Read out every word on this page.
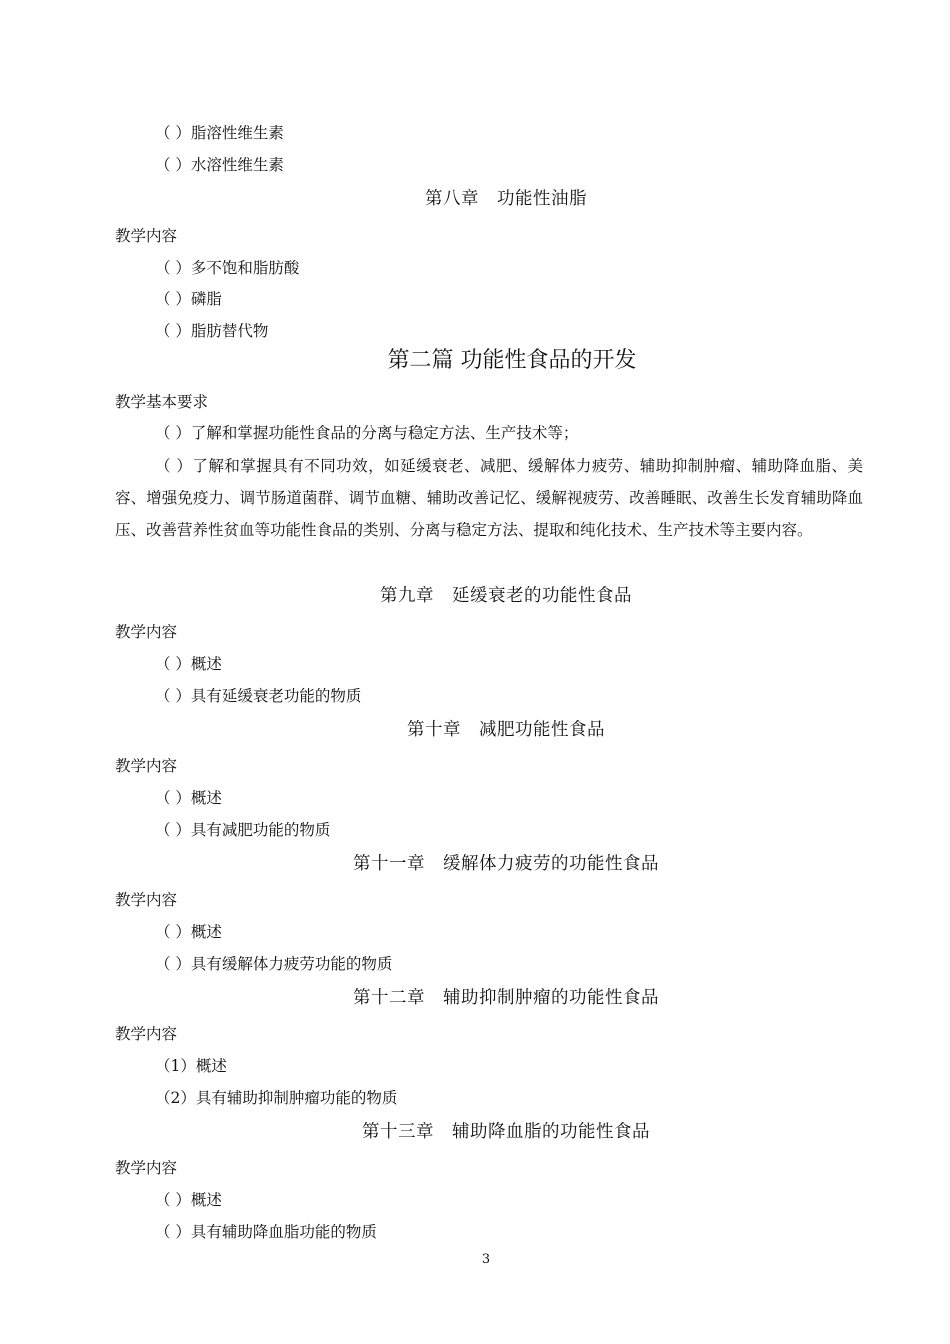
（ ）脂溶性维生素
（ ）水溶性维生素
第八章　功能性油脂
教学内容
（ ）多不饱和脂肪酸
（ ）磷脂
（ ）脂肪替代物
第二篇 功能性食品的开发
教学基本要求
（ ）了解和掌握功能性食品的分离与稳定方法、生产技术等；
（ ）了解和掌握具有不同功效，如延缓衰老、减肥、缓解体力疲劳、辅助抑制肿瘤、辅助降血脂、美容、增强免疫力、调节肠道菌群、调节血糖、辅助改善记忆、缓解视疲劳、改善睡眠、改善生长发育辅助降血压、改善营养性贫血等功能性食品的类别、分离与稳定方法、提取和纯化技术、生产技术等主要内容。
第九章　延缓衰老的功能性食品
教学内容
（ ）概述
（ ）具有延缓衰老功能的物质
第十章　减肥功能性食品
教学内容
（ ）概述
（ ）具有减肥功能的物质
第十一章　缓解体力疲劳的功能性食品
教学内容
（ ）概述
（ ）具有缓解体力疲劳功能的物质
第十二章　辅助抑制肿瘤的功能性食品
教学内容
（1）概述
（2）具有辅助抑制肿瘤功能的物质
第十三章　辅助降血脂的功能性食品
教学内容
（ ）概述
（ ）具有辅助降血脂功能的物质
3
